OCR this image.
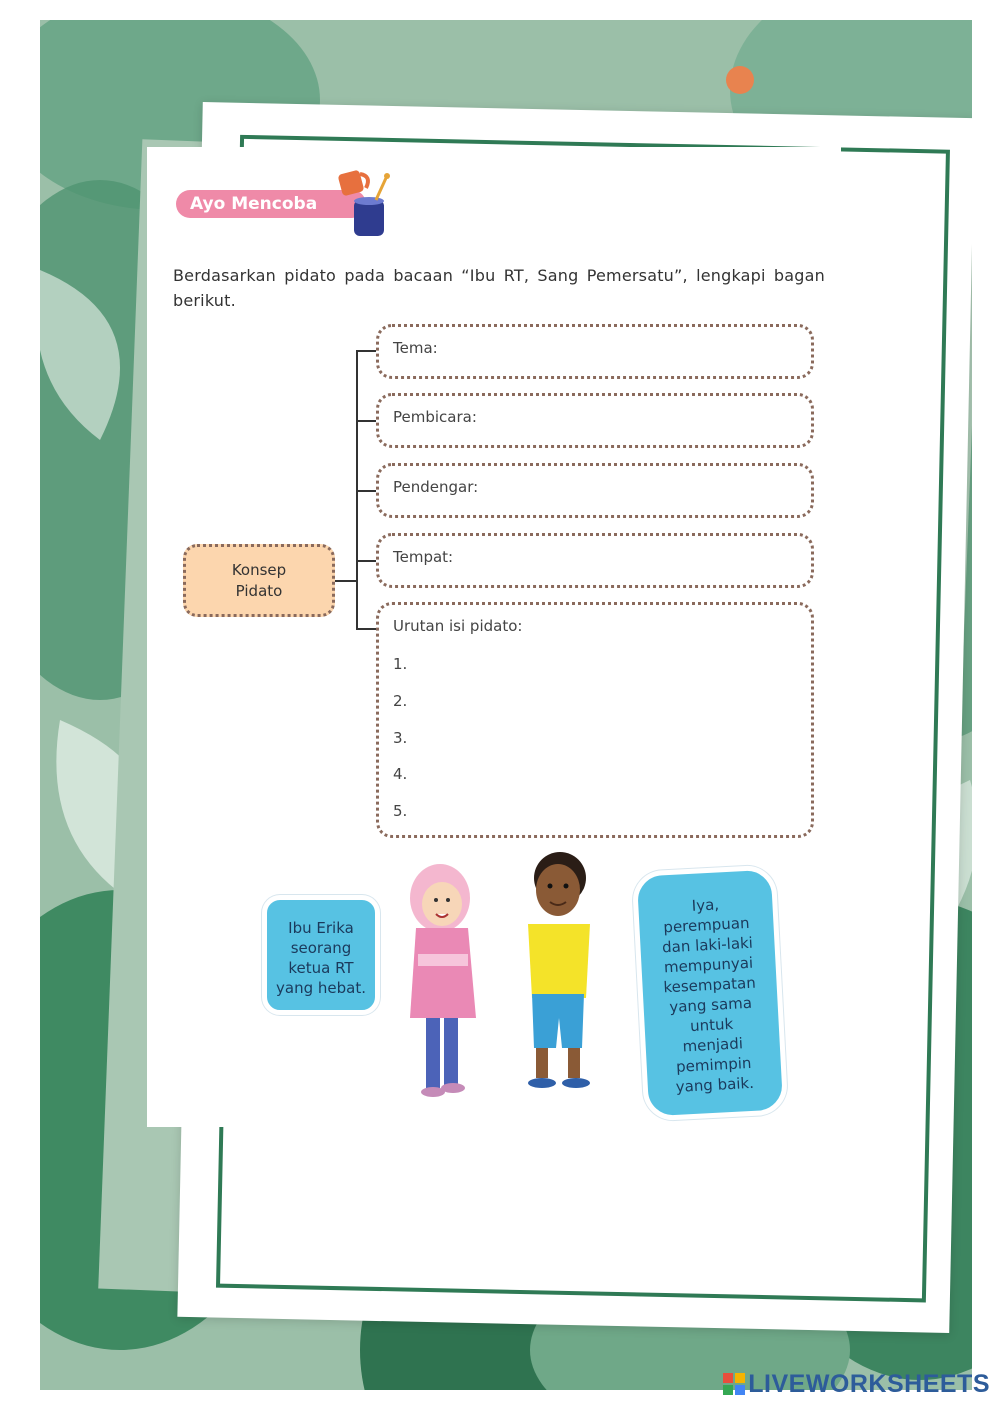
Ayo Mencoba
Berdasarkan pidato pada bacaan “Ibu RT, Sang Pemersatu”, lengkapi bagan berikut.
Konsep
Pidato
Tema:
Pembicara:
Pendengar:
Tempat:
Urutan isi pidato:
1.
2.
3.
4.
5.
Ibu Erika
seorang
ketua RT
yang hebat.
Iya,
perempuan
dan laki-laki
mempunyai
kesempatan
yang sama
untuk
menjadi
pemimpin
yang baik.
LIVEWORKSHEETS
